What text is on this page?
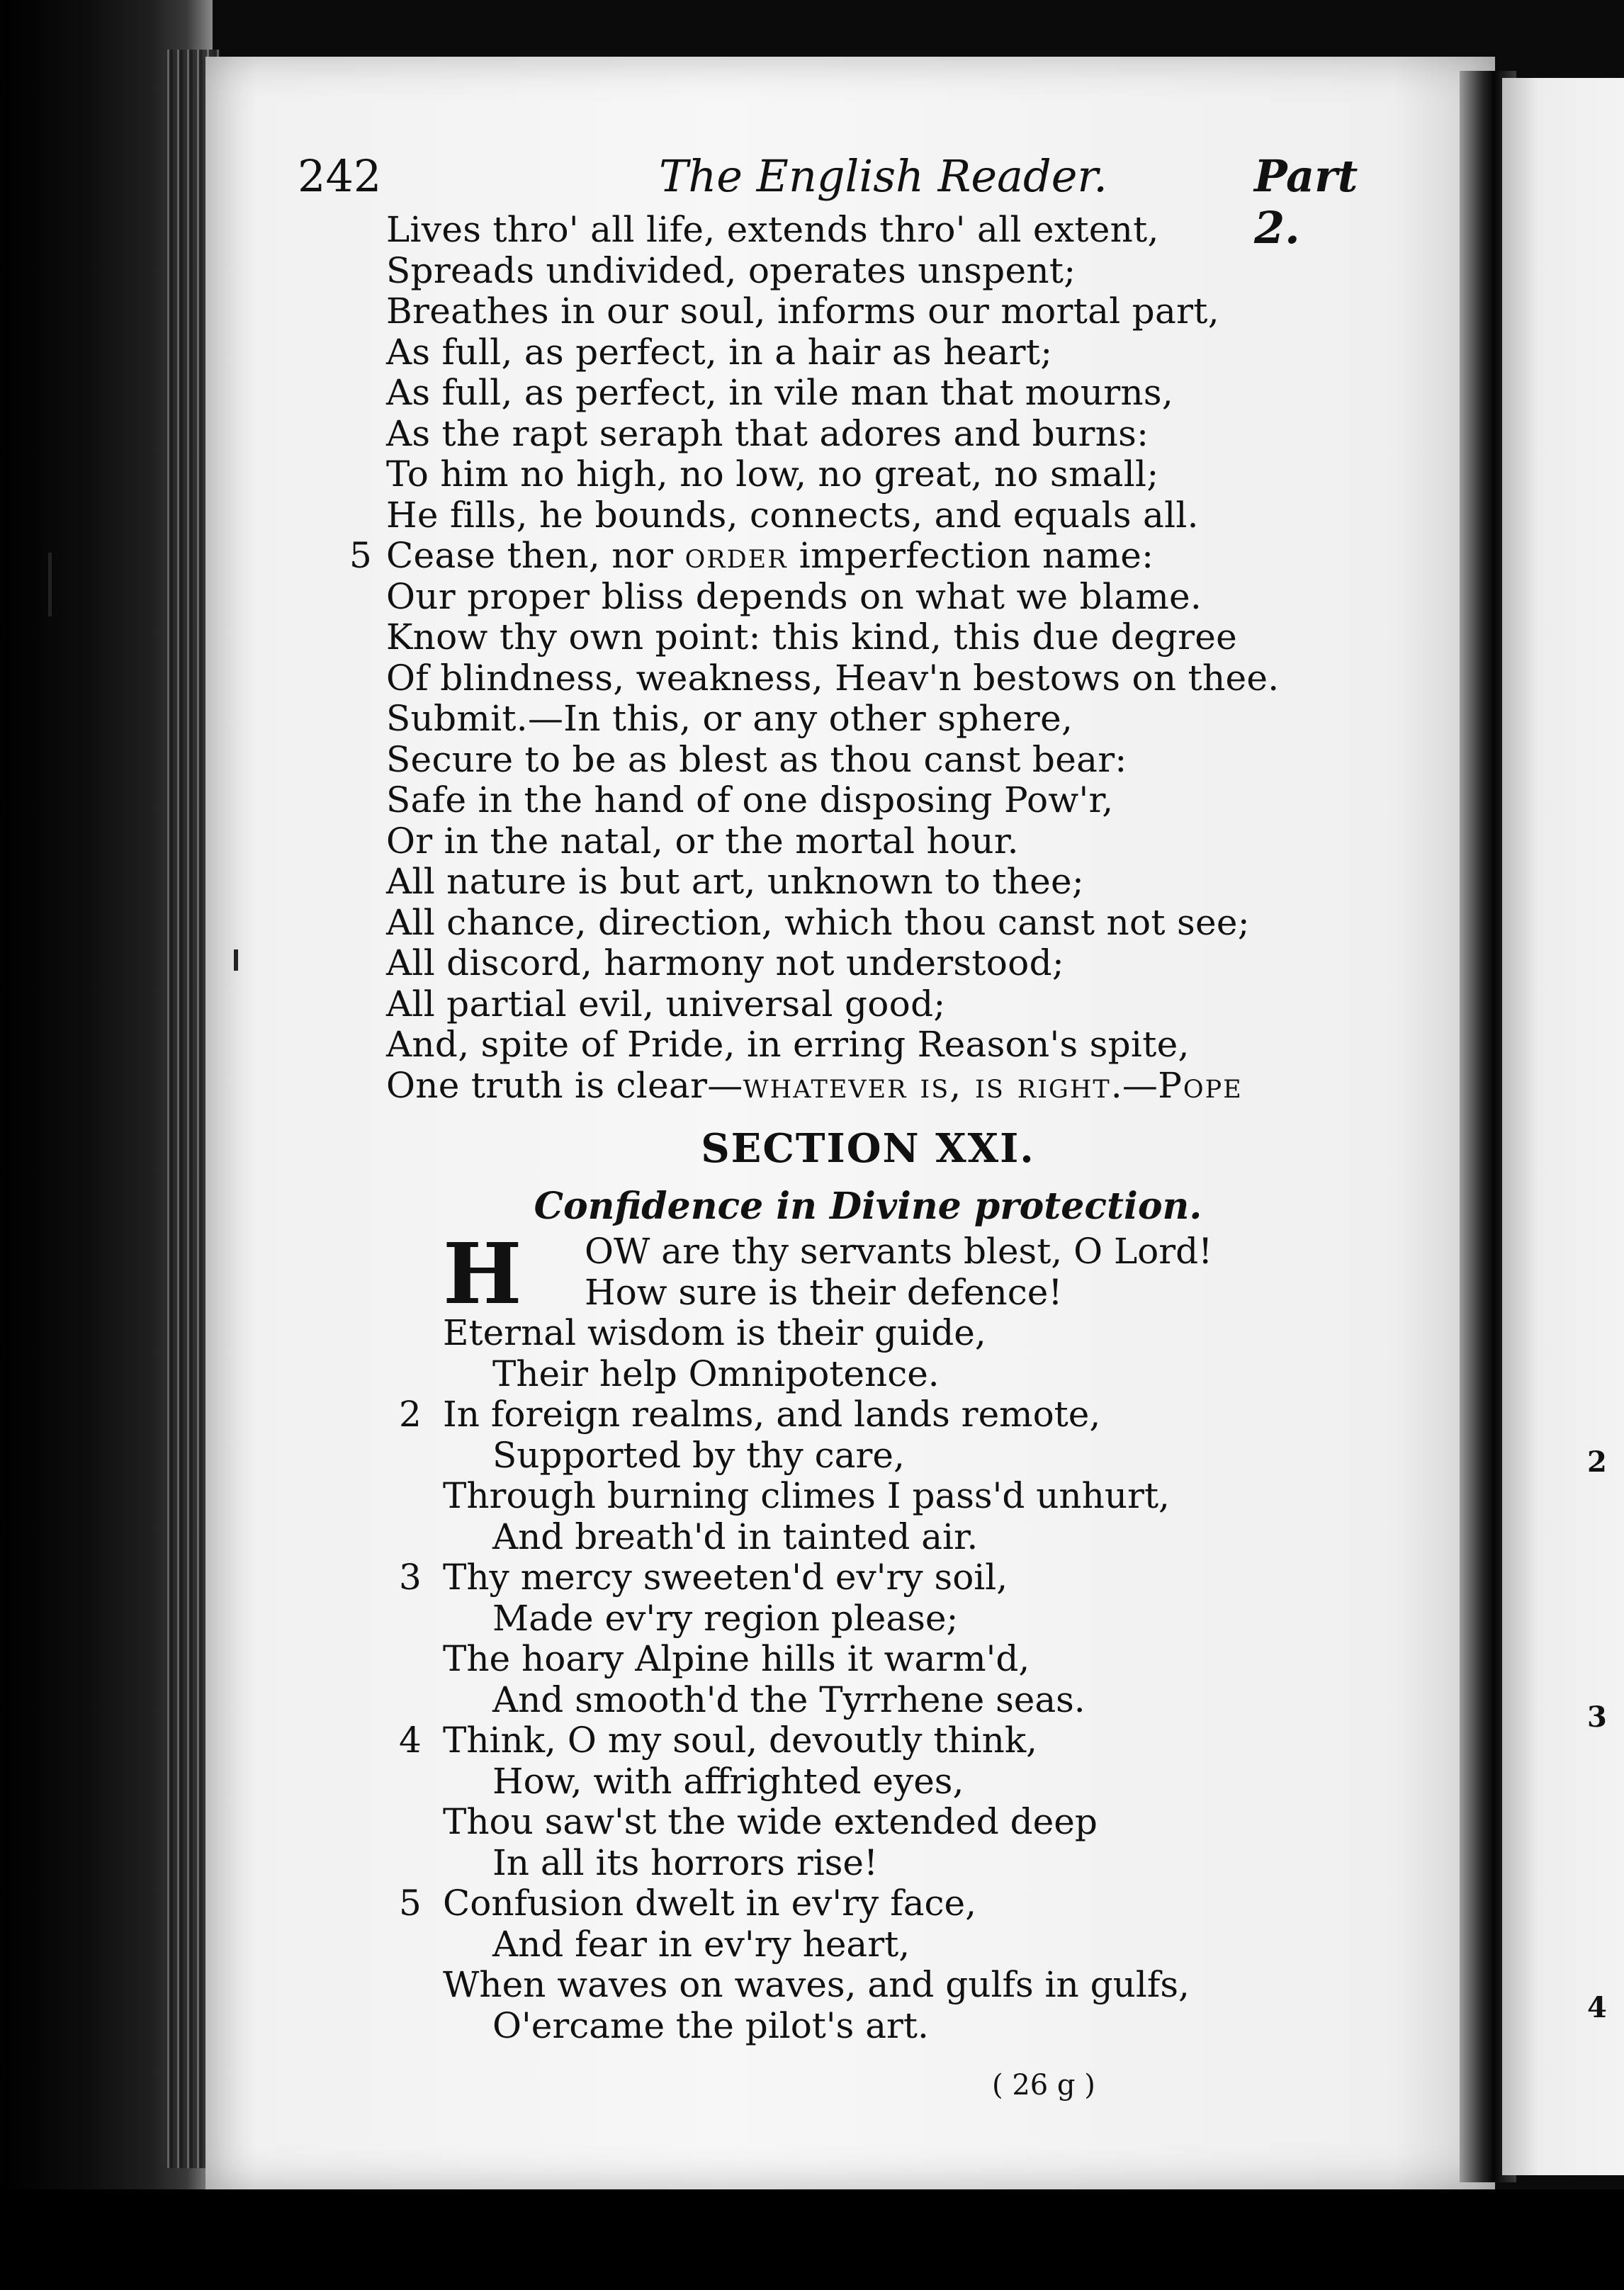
2
3
4
242	The English Reader.	Part 2.
Lives thro' all life, extends thro' all extent,
Spreads undivided, operates unspent;
Breathes in our soul, informs our mortal part,
As full, as perfect, in a hair as heart;
As full, as perfect, in vile man that mourns,
As the rapt seraph that adores and burns:
To him no high, no low, no great, no small;
He fills, he bounds, connects, and equals all.
5 Cease then, nor order imperfection name:
Our proper bliss depends on what we blame.
Know thy own point: this kind, this due degree
Of blindness, weakness, Heav'n bestows on thee.
Submit.—In this, or any other sphere,
Secure to be as blest as thou canst bear:
Safe in the hand of one disposing Pow'r,
Or in the natal, or the mortal hour.
All nature is but art, unknown to thee;
All chance, direction, which thou canst not see;
All discord, harmony not understood;
All partial evil, universal good;
And, spite of Pride, in erring Reason's spite,
One truth is clear—whatever is, is right.—Pope
SECTION XXI.
Confidence in Divine protection.
H OW are thy servants blest, O Lord!
How sure is their defence!
Eternal wisdom is their guide,
Their help Omnipotence.
2 In foreign realms, and lands remote,
Supported by thy care,
Through burning climes I pass'd unhurt,
And breath'd in tainted air.
3 Thy mercy sweeten'd ev'ry soil,
Made ev'ry region please;
The hoary Alpine hills it warm'd,
And smooth'd the Tyrrhene seas.
4 Think, O my soul, devoutly think,
How, with affrighted eyes,
Thou saw'st the wide extended deep
In all its horrors rise!
5 Confusion dwelt in ev'ry face,
And fear in ev'ry heart,
When waves on waves, and gulfs in gulfs,
O'ercame the pilot's art.
( 26 g )
